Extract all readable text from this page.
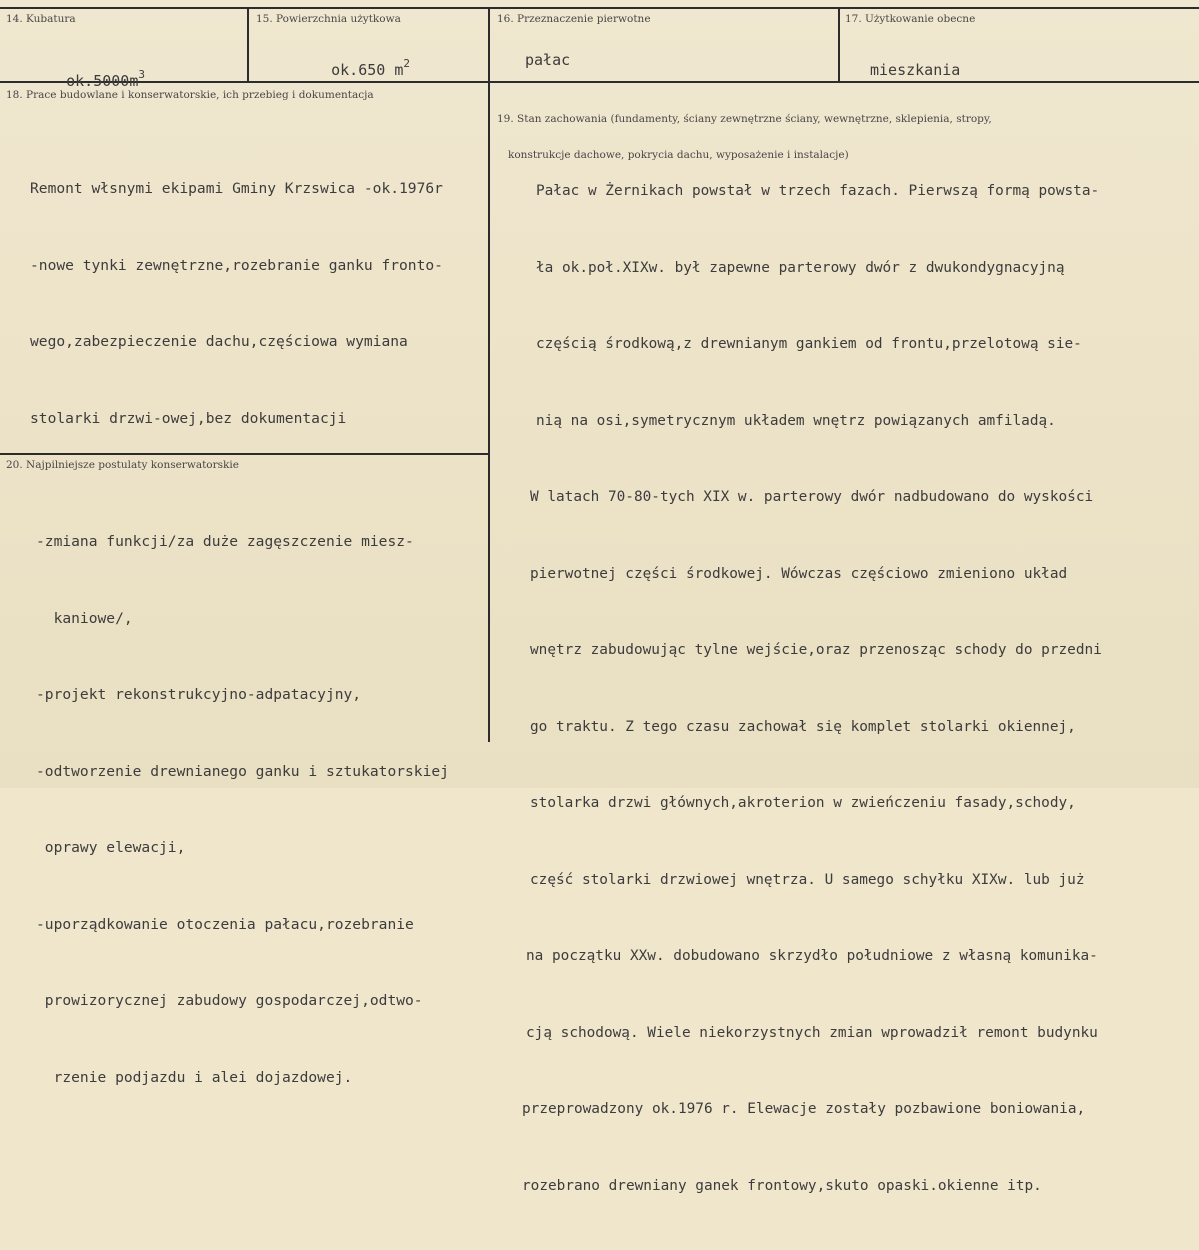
14. Kubatura

$ok.5000m^3$

15. Powierzchnia użytkowa

ok.650 $m^2$

16. Przeznaczenie pierwotne
pałac
17. Użytkowanie obecne
mieszkania
18. Prace budowlane i konserwatorskie, ich przebieg i dokumentacja

Remont włsnymi ekipami Gminy Krzswica -ok.1976r

-nowe tynki zewnętrzne,rozebranie ganku fronto-

wego,zabezpieczenie dachu,częściowa wymiana

stolarki drzwi-owej,bez dokumentacji

19. Stan zachowania (fundamenty, ściany zewnętrzne ściany, wewnętrzne, sklepienia, stropy,

konstrukcje dachowe, pokrycia dachu, wyposażenie i instalacje)

Pałac w Żernikach powstał w trzech fazach. Pierwszą formą powsta-

ła ok.poł.XIXw. był zapewne parterowy dwór z dwukondygnacyjną

częścią środkową,z drewnianym gankiem od frontu,przelotową sie-

nią na osi,symetrycznym układem wnętrz powiązanych amfiladą.

W latach 70-80-tych XIX w. parterowy dwór nadbudowano do wyskości

pierwotnej części środkowej. Wówczas częściowo zmieniono układ

wnętrz zabudowując tylne wejście,oraz przenosząc schody do przedni

go traktu. Z tego czasu zachował się komplet stolarki okiennej,

stolarka drzwi głównych,akroterion w zwieńczeniu fasady,schody,

część stolarki drzwiowej wnętrza. U samego schyłku XIXw. lub już

na początku XXw. dobudowano skrzydło południowe z własną komunika-

cją schodową. Wiele niekorzystnych zmian wprowadził remont budynku

przeprowadzony ok.1976 r. Elewacje zostały pozbawione boniowania,

rozebrano drewniany ganek frontowy,skuto opaski.okienne itp.

20. Najpilniejsze postulaty konserwatorskie

-zmiana funkcji/za duże zagęszczenie miesz-

kaniowe/,

-projekt rekonstrukcyjno-adpatacyjny,

-odtworzenie drewnianego ganku i sztukatorskiej

oprawy elewacji,

-uporządkowanie otoczenia pałacu,rozebranie

prowizorycznej zabudowy gospodarczej,odtwo-

rzenie podjazdu i alei dojazdowej.
